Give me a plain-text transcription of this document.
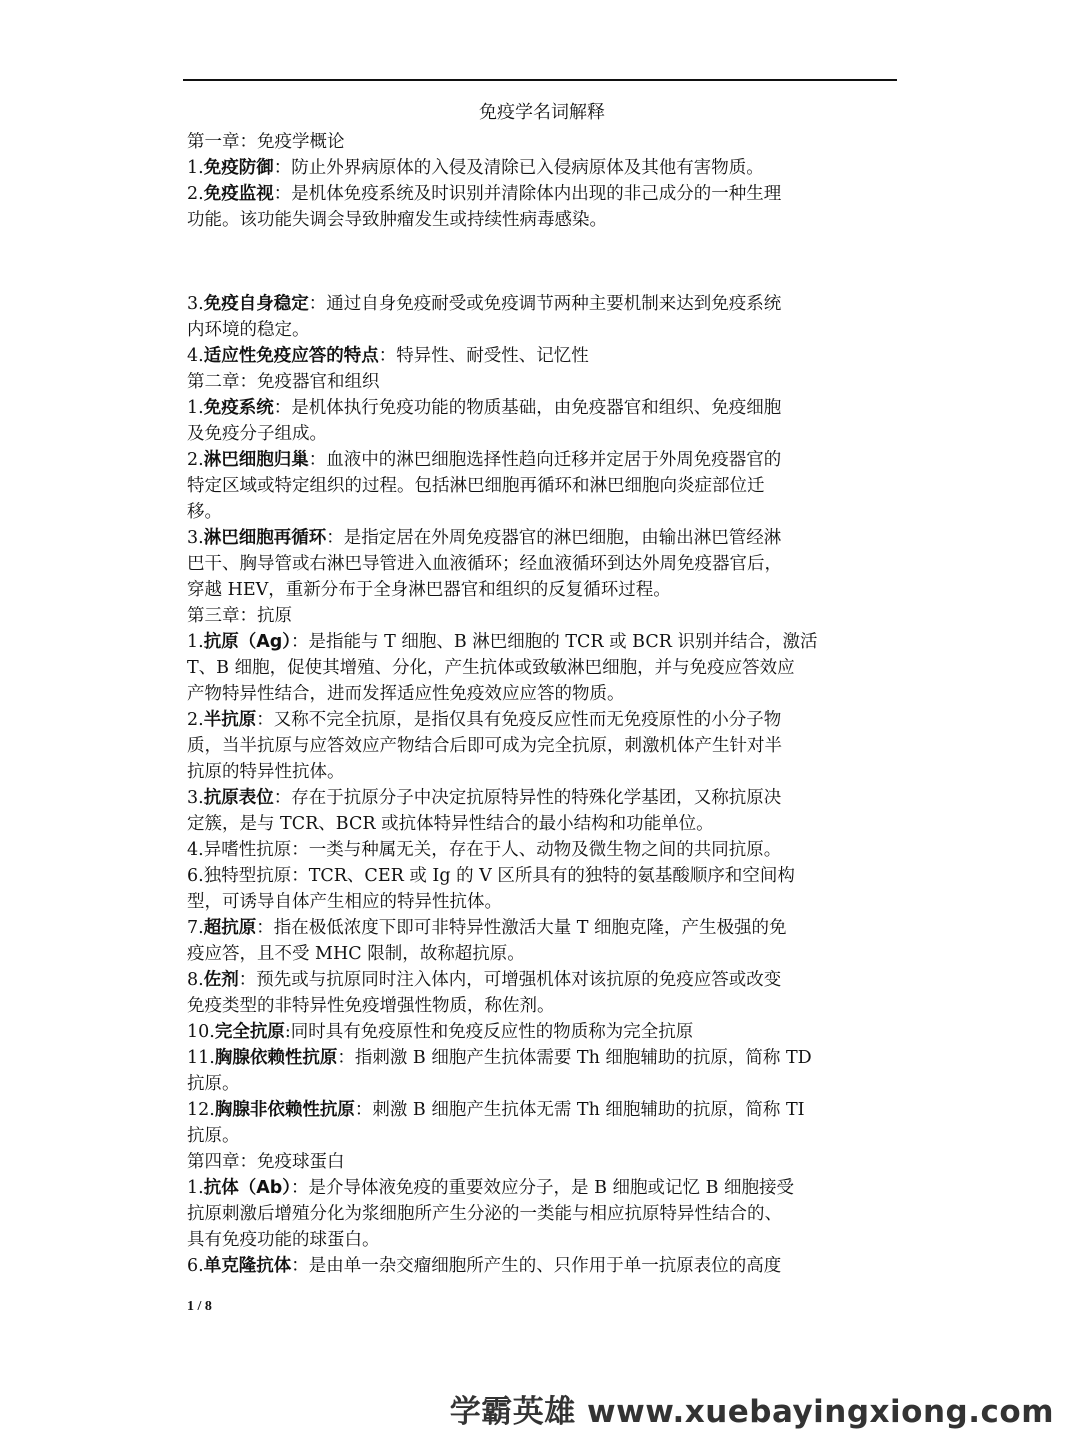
免疫学名词解释

第一章：免疫学概论

1.免疫防御：防止外界病原体的入侵及清除已入侵病原体及其他有害物质。

2.免疫监视：是机体免疫系统及时识别并清除体内出现的非己成分的一种生理

功能。该功能失调会导致肿瘤发生或持续性病毒感染。

3.免疫自身稳定：通过自身免疫耐受或免疫调节两种主要机制来达到免疫系统

内环境的稳定。

4.适应性免疫应答的特点：特异性、耐受性、记忆性

第二章：免疫器官和组织

1.免疫系统：是机体执行免疫功能的物质基础，由免疫器官和组织、免疫细胞

及免疫分子组成。

2.淋巴细胞归巢：血液中的淋巴细胞选择性趋向迁移并定居于外周免疫器官的

特定区域或特定组织的过程。包括淋巴细胞再循环和淋巴细胞向炎症部位迁

移。

3.淋巴细胞再循环：是指定居在外周免疫器官的淋巴细胞，由输出淋巴管经淋

巴干、胸导管或右淋巴导管进入血液循环；经血液循环到达外周免疫器官后，

穿越 HEV，重新分布于全身淋巴器官和组织的反复循环过程。

第三章：抗原

1.抗原（Ag）：是指能与 T 细胞、B 淋巴细胞的 TCR 或 BCR 识别并结合，激活

T、B 细胞，促使其增殖、分化，产生抗体或致敏淋巴细胞，并与免疫应答效应

产物特异性结合，进而发挥适应性免疫效应应答的物质。

2.半抗原：又称不完全抗原，是指仅具有免疫反应性而无免疫原性的小分子物

质，当半抗原与应答效应产物结合后即可成为完全抗原，刺激机体产生针对半

抗原的特异性抗体。

3.抗原表位：存在于抗原分子中决定抗原特异性的特殊化学基团，又称抗原决

定簇，是与 TCR、BCR 或抗体特异性结合的最小结构和功能单位。

4.异嗜性抗原：一类与种属无关，存在于人、动物及微生物之间的共同抗原。

6.独特型抗原：TCR、CER 或 Ig 的 V 区所具有的独特的氨基酸顺序和空间构

型，可诱导自体产生相应的特异性抗体。

7.超抗原：指在极低浓度下即可非特异性激活大量 T 细胞克隆，产生极强的免

疫应答，且不受 MHC 限制，故称超抗原。

8.佐剂：预先或与抗原同时注入体内，可增强机体对该抗原的免疫应答或改变

免疫类型的非特异性免疫增强性物质，称佐剂。

10.完全抗原:同时具有免疫原性和免疫反应性的物质称为完全抗原

11.胸腺依赖性抗原：指刺激 B 细胞产生抗体需要 Th 细胞辅助的抗原，简称 TD

抗原。

12.胸腺非依赖性抗原：刺激 B 细胞产生抗体无需 Th 细胞辅助的抗原，简称 TI

抗原。

第四章：免疫球蛋白

1.抗体（Ab）：是介导体液免疫的重要效应分子，是 B 细胞或记忆 B 细胞接受

抗原刺激后增殖分化为浆细胞所产生分泌的一类能与相应抗原特异性结合的、

具有免疫功能的球蛋白。

6.单克隆抗体：是由单一杂交瘤细胞所产生的、只作用于单一抗原表位的高度

1 / 8
学霸英雄 www.xuebayingxiong.com
